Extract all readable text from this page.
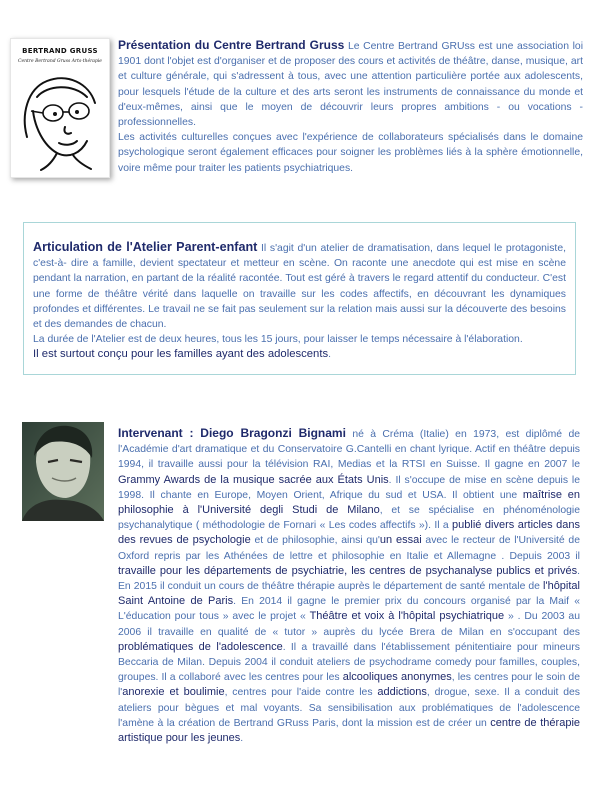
BERTRAND GRUSS
Centre Bertrand Gruss Arts-thérapie
Présentation du Centre Bertrand Gruss Le Centre Bertrand GRUss est une association loi 1901 dont l'objet est d'organiser et de proposer des cours et activités de théâtre, danse, musique, art et culture générale, qui s'adressent à tous, avec une attention particulière portée aux adolescents, pour lesquels l'étude de la culture et des arts seront les instruments de connaissance du monde et d'eux-mêmes, ainsi que le moyen de découvrir leurs propres ambitions - ou vocations - professionnelles.
Les activités culturelles conçues avec l'expérience de collaborateurs spécialisés dans le domaine psychologique seront également efficaces pour soigner les problèmes liés à la sphère émotionnelle, voire même pour traiter les patients psychiatriques.
Articulation de l'Atelier Parent-enfant Il s'agit d'un atelier de dramatisation, dans lequel le protagoniste, c'est-à- dire a famille, devient spectateur et metteur en scène. On raconte une anecdote qui est mise en scène pendant la narration, en partant de la réalité racontée. Tout est géré à travers le regard attentif du conducteur. C'est une forme de théâtre vérité dans laquelle on travaille sur les codes affectifs, en découvrant les dynamiques profondes et différentes. Le travail ne se fait pas seulement sur la relation mais aussi sur la découverte des besoins et des demandes de chacun.
La durée de l'Atelier est de deux heures, tous les 15 jours, pour laisser le temps nécessaire à l'élaboration.
Il est surtout conçu pour les familles ayant des adolescents.
Intervenant : Diego Bragonzi Bignami né à Créma (Italie) en 1973, est diplômé de l'Académie d'art dramatique et du Conservatoire G.Cantelli en chant lyrique. Actif en théâtre depuis 1994, il travaille aussi pour la télévision RAI, Medias et la RTSI en Suisse. Il gagne en 2007 le Grammy Awards de la musique sacrée aux États Unis. Il s'occupe de mise en scène depuis le 1998. Il chante en Europe, Moyen Orient, Afrique du sud et USA. Il obtient une maîtrise en philosophie à l'Université degli Studi de Milano, et se spécialise en phénoménologie psychanalytique ( méthodologie de Fornari « Les codes affectifs »). Il a publié divers articles dans des revues de psychologie et de philosophie, ainsi qu'un essai avec le recteur de l'Université de Oxford repris par les Athénées de lettre et philosophie en Italie et Allemagne . Depuis 2003 il travaille pour les départements de psychiatrie, les centres de psychanalyse publics et privés. En 2015 il conduit un cours de théâtre thérapie auprès le département de santé mentale de l'hôpital Saint Antoine de Paris. En 2014 il gagne le premier prix du concours organisé par la Maif « L'éducation pour tous » avec le projet « Théâtre et voix à l'hôpital psychiatrique » . Du 2003 au 2006 il travaille en qualité de « tutor » auprès du lycée Brera de Milan en s'occupant des problématiques de l'adolescence. Il a travaillé dans l'établissement pénitentiaire pour mineurs Beccaria de Milan. Depuis 2004 il conduit ateliers de psychodrame comedy pour familles, couples, groupes. Il a collaboré avec les centres pour les alcooliques anonymes, les centres pour le soin de l'anorexie et boulimie, centres pour l'aide contre les addictions, drogue, sexe. Il a conduit des ateliers pour bègues et mal voyants. Sa sensibilisation aux problématiques de l'adolescence l'amène à la création de Bertrand GRuss Paris, dont la mission est de créer un centre de thérapie artistique pour les jeunes.
